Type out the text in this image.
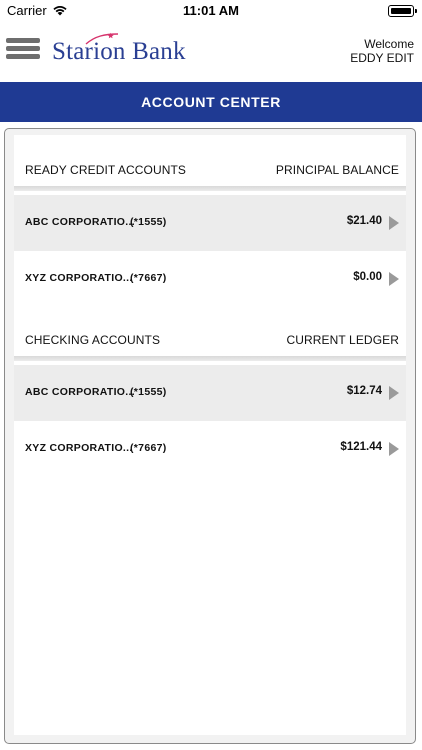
Carrier	11:01 AM
Starion Bank	Welcome
EDDY EDIT
ACCOUNT CENTER
READY CREDIT ACCOUNTS	PRINCIPAL BALANCE
ABC CORPORATIO...
(*1555)	$21.40
XYZ CORPORATIO...
(*7667)	$0.00
CHECKING ACCOUNTS	CURRENT LEDGER
ABC CORPORATIO...
(*1555)	$12.74
XYZ CORPORATIO...
(*7667)	$121.44
